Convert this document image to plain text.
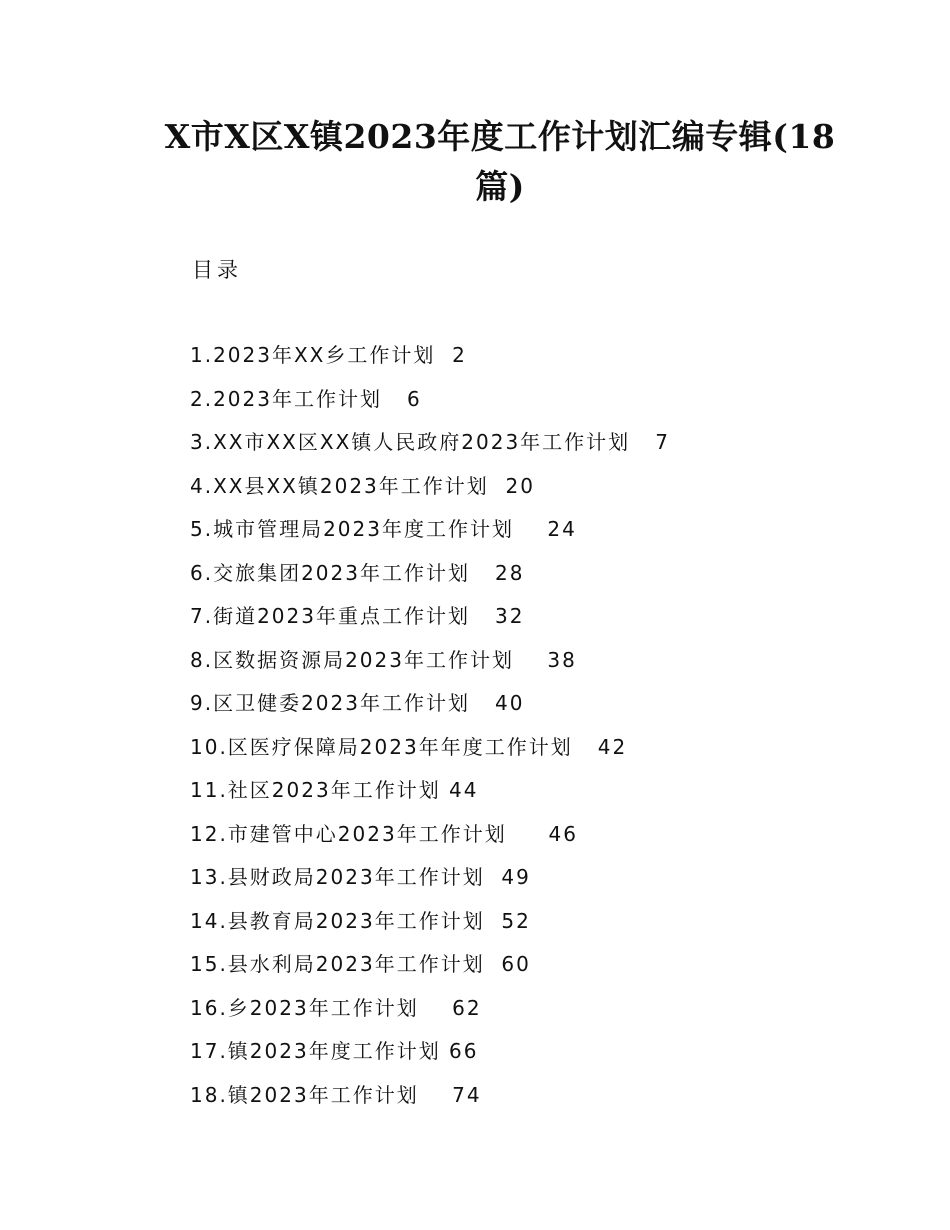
X市X区X镇2023年度工作计划汇编专辑(18篇)
目录
1.2023年XX乡工作计划  2
2.2023年工作计划   6
3.XX市XX区XX镇人民政府2023年工作计划   7
4.XX县XX镇2023年工作计划  20
5.城市管理局2023年度工作计划    24
6.交旅集团2023年工作计划   28
7.街道2023年重点工作计划   32
8.区数据资源局2023年工作计划    38
9.区卫健委2023年工作计划   40
10.区医疗保障局2023年年度工作计划   42
11.社区2023年工作计划 44
12.市建管中心2023年工作计划     46
13.县财政局2023年工作计划  49
14.县教育局2023年工作计划  52
15.县水利局2023年工作计划  60
16.乡2023年工作计划    62
17.镇2023年度工作计划 66
18.镇2023年工作计划    74
